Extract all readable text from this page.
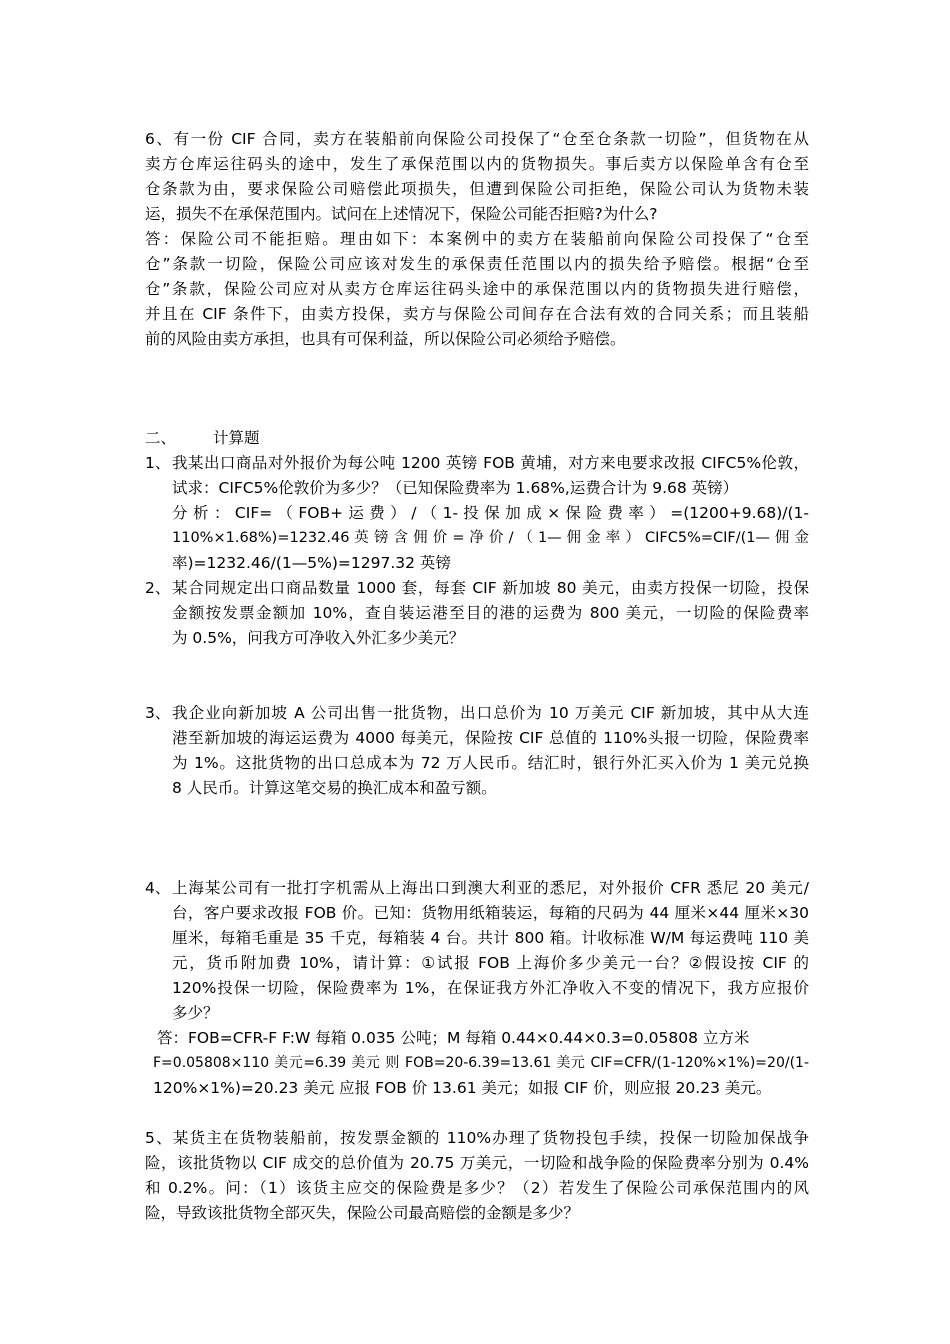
6、有一份 CIF 合同，卖方在装船前向保险公司投保了“仓至仓条款一切险”，但货物在从
卖方仓库运往码头的途中，发生了承保范围以内的货物损失。事后卖方以保险单含有仓至
仓条款为由，要求保险公司赔偿此项损失，但遭到保险公司拒绝，保险公司认为货物未装
运，损失不在承保范围内。试问在上述情况下，保险公司能否拒赔?为什么?
答：保险公司不能拒赔。理由如下：本案例中的卖方在装船前向保险公司投保了“仓至
仓”条款一切险，保险公司应该对发生的承保责任范围以内的损失给予赔偿。根据“仓至
仓”条款，保险公司应对从卖方仓库运往码头途中的承保范围以内的货物损失进行赔偿，
并且在 CIF 条件下，由卖方投保，卖方与保险公司间存在合法有效的合同关系；而且装船
前的风险由卖方承担，也具有可保利益，所以保险公司必须给予赔偿。
二、 计算题
1、 我某出口商品对外报价为每公吨 1200 英镑 FOB 黄埔，对方来电要求改报 CIFC5%伦敦，
试求：CIFC5%伦敦价为多少？（已知保险费率为 1.68%,运费合计为 9.68 英镑）
分 析 ： CIF= （ FOB+ 运 费 ） / （ 1- 投 保 加 成 × 保 险 费 率 ） =(1200+9.68)/(1-
110%×1.68%)=1232.46 英 镑 含 佣 价 = 净 价 / （ 1— 佣 金 率 ） CIFC5%=CIF/(1— 佣 金
率)=1232.46/(1—5%)=1297.32 英镑
2、 某合同规定出口商品数量 1000 套，每套 CIF 新加坡 80 美元，由卖方投保一切险，投保
金额按发票金额加 10%，查自装运港至目的港的运费为 800 美元，一切险的保险费率
为 0.5%，问我方可净收入外汇多少美元？
3、 我企业向新加坡 A 公司出售一批货物，出口总价为 10 万美元 CIF 新加坡，其中从大连
港至新加坡的海运运费为 4000 每美元，保险按 CIF 总值的 110%头报一切险，保险费率
为 1%。这批货物的出口总成本为 72 万人民币。结汇时，银行外汇买入价为 1 美元兑换
8 人民币。计算这笔交易的换汇成本和盈亏额。
4、 上海某公司有一批打字机需从上海出口到澳大利亚的悉尼，对外报价 CFR 悉尼 20 美元/
台，客户要求改报 FOB 价。已知：货物用纸箱装运，每箱的尺码为 44 厘米×44 厘米×30
厘米，每箱毛重是 35 千克，每箱装 4 台。共计 800 箱。计收标准 W/M 每运费吨 110 美
元，货币附加费 10%，请计算：①试报 FOB 上海价多少美元一台？②假设按 CIF 的
120%投保一切险，保险费率为 1%，在保证我方外汇净收入不变的情况下，我方应报价
多少？
答：FOB=CFR-F F:W 每箱 0.035 公吨；M 每箱 0.44×0.44×0.3=0.05808 立方米
F=0.05808×110 美元=6.39 美元 则 FOB=20-6.39=13.61 美元 CIF=CFR/(1-120%×1%)=20/(1-
120%×1%)=20.23 美元 应报 FOB 价 13.61 美元；如报 CIF 价，则应报 20.23 美元。
5、某货主在货物装船前，按发票金额的 110%办理了货物投包手续，投保一切险加保战争
险，该批货物以 CIF 成交的总价值为 20.75 万美元，一切险和战争险的保险费率分别为 0.4%
和 0.2%。问：（1）该货主应交的保险费是多少？（2）若发生了保险公司承保范围内的风
险，导致该批货物全部灭失，保险公司最高赔偿的金额是多少？
